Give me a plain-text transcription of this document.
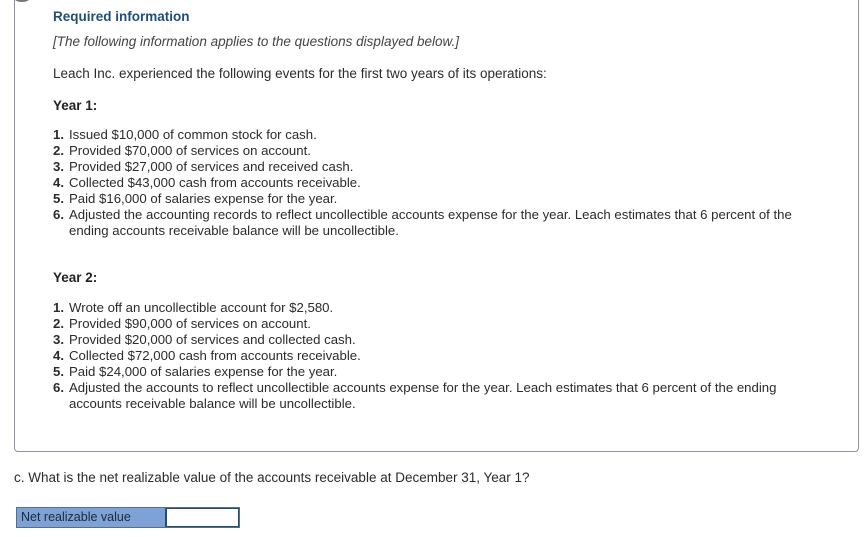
Required information
[The following information applies to the questions displayed below.]
Leach Inc. experienced the following events for the first two years of its operations:
Year 1:
1. Issued $10,000 of common stock for cash.
2. Provided $70,000 of services on account.
3. Provided $27,000 of services and received cash.
4. Collected $43,000 cash from accounts receivable.
5. Paid $16,000 of salaries expense for the year.
6. Adjusted the accounting records to reflect uncollectible accounts expense for the year. Leach estimates that 6 percent of the ending accounts receivable balance will be uncollectible.
Year 2:
1. Wrote off an uncollectible account for $2,580.
2. Provided $90,000 of services on account.
3. Provided $20,000 of services and collected cash.
4. Collected $72,000 cash from accounts receivable.
5. Paid $24,000 of salaries expense for the year.
6. Adjusted the accounts to reflect uncollectible accounts expense for the year. Leach estimates that 6 percent of the ending accounts receivable balance will be uncollectible.
c. What is the net realizable value of the accounts receivable at December 31, Year 1?
Net realizable value
